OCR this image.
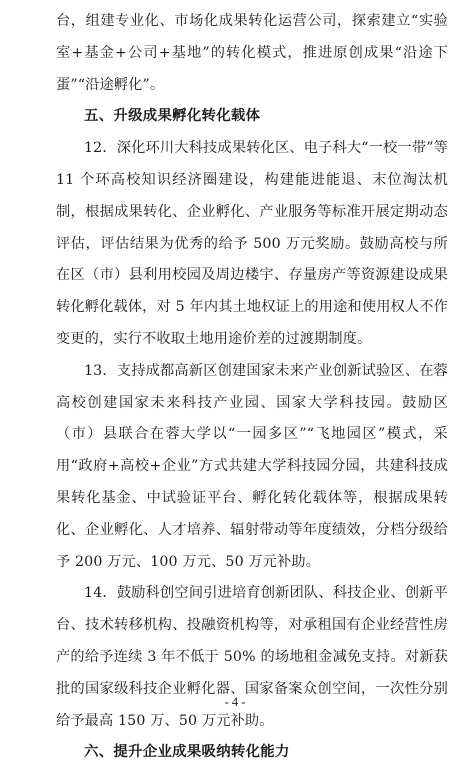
台，组建专业化、市场化成果转化运营公司，探索建立“实验室+基金+公司+基地”的转化模式，推进原创成果“沿途下蛋”“沿途孵化”。

五、升级成果孵化转化载体

12．深化环川大科技成果转化区、电子科大“一校一带”等 11 个环高校知识经济圈建设，构建能进能退、末位淘汰机制，根据成果转化、企业孵化、产业服务等标准开展定期动态评估，评估结果为优秀的给予 500 万元奖励。鼓励高校与所在区（市）县利用校园及周边楼宇、存量房产等资源建设成果转化孵化载体，对 5 年内其土地权证上的用途和使用权人不作变更的，实行不收取土地用途价差的过渡期制度。

13．支持成都高新区创建国家未来产业创新试验区、在蓉高校创建国家未来科技产业园、国家大学科技园。鼓励区（市）县联合在蓉大学以“一园多区”“飞地园区”模式，采用“政府+高校+企业”方式共建大学科技园分园，共建科技成果转化基金、中试验证平台、孵化转化载体等，根据成果转化、企业孵化、人才培养、辐射带动等年度绩效，分档分级给予 200 万元、100 万元、50 万元补助。

14．鼓励科创空间引进培育创新团队、科技企业、创新平台、技术转移机构、投融资机构等，对承租国有企业经营性房产的给予连续 3 年不低于 50% 的场地租金减免支持。对新获批的国家级科技企业孵化器、国家备案众创空间，一次性分别给予最高 150 万、50 万元补助。

六、提升企业成果吸纳转化能力

- 4 -
